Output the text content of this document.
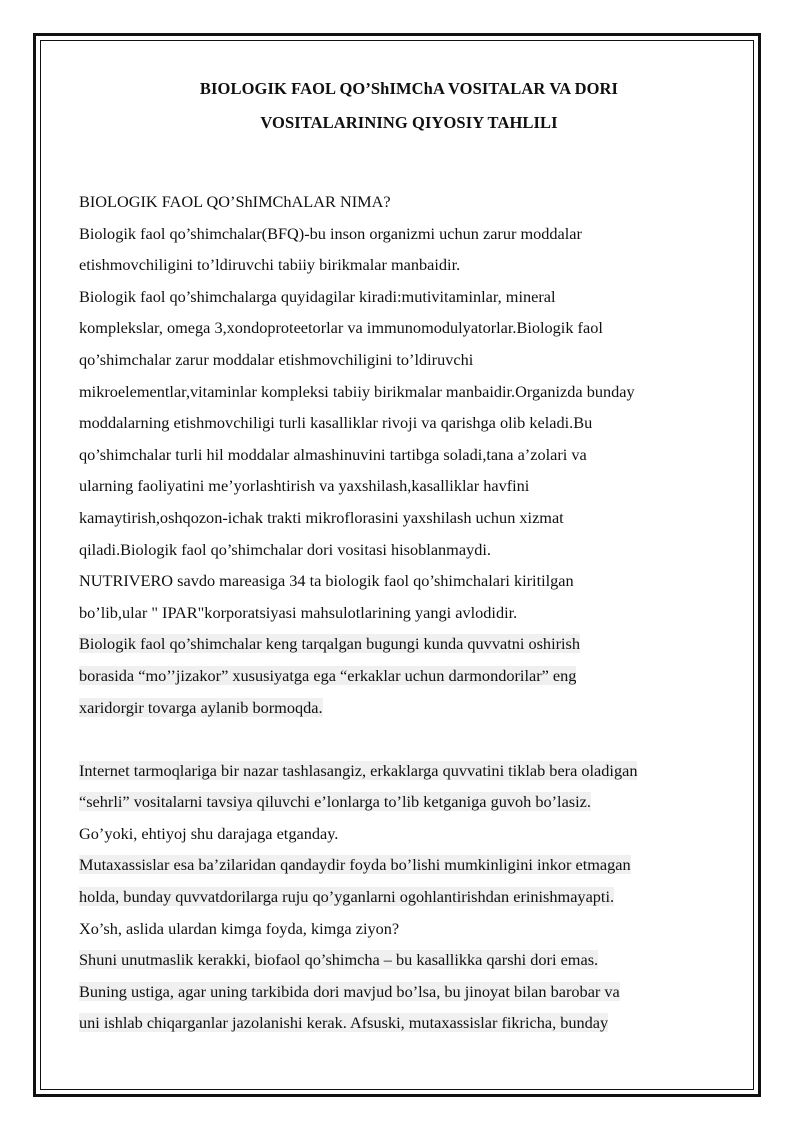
BIOLOGIK FAOL QO’ShIMChA VOSITALAR VA DORI
VOSITALARINING QIYOSIY TAHLILI
BIOLOGIK FAOL QO’ShIMChALAR NIMA?
Biologik faol qo’shimchalar(BFQ)-bu inson organizmi uchun zarur moddalar
etishmovchiligini to’ldiruvchi tabiiy birikmalar manbaidir.
Biologik faol qo’shimchalarga quyidagilar kiradi:mutivitaminlar, mineral
komplekslar, omega 3,xondoproteetorlar va immunomodulyatorlar.Biologik faol
qo’shimchalar zarur moddalar etishmovchiligini to’ldiruvchi
mikroelementlar,vitaminlar kompleksi tabiiy birikmalar manbaidir.Organizda bunday
moddalarning etishmovchiligi turli kasalliklar rivoji va qarishga olib keladi.Bu
qo’shimchalar turli hil moddalar almashinuvini tartibga soladi,tana a’zolari va
ularning faoliyatini me’yorlashtirish va yaxshilash,kasalliklar havfini
kamaytirish,oshqozon-ichak trakti mikroflorasini yaxshilash uchun xizmat
qiladi.Biologik faol qo’shimchalar dori vositasi hisoblanmaydi.
NUTRIVERO savdo mareasiga 34 ta biologik faol qo’shimchalari kiritilgan
bo’lib,ular " IPAR"korporatsiyasi mahsulotlarining yangi avlodidir.
Biologik faol qo’shimchalar keng tarqalgan bugungi kunda quvvatni oshirish
borasida “mo’’jizakor” xususiyatga ega “erkaklar uchun darmondorilar” eng
xaridorgir tovarga aylanib bormoqda.
Internet tarmoqlariga bir nazar tashlasangiz, erkaklarga quvvatini tiklab bera oladigan
“sehrli” vositalarni tavsiya qiluvchi e’lonlarga to’lib ketganiga guvoh bo’lasiz.
Go’yoki, ehtiyoj shu darajaga etganday.
Mutaxassislar esa ba’zilaridan qandaydir foyda bo’lishi mumkinligini inkor etmagan
holda, bunday quvvatdorilarga ruju qo’yganlarni ogohlantirishdan erinishmayapti.
Xo’sh, aslida ulardan kimga foyda, kimga ziyon?
Shuni unutmaslik kerakki, biofaol qo’shimcha – bu kasallikka qarshi dori emas.
Buning ustiga, agar uning tarkibida dori mavjud bo’lsa, bu jinoyat bilan barobar va
uni ishlab chiqarganlar jazolanishi kerak. Afsuski, mutaxassislar fikricha, bunday
